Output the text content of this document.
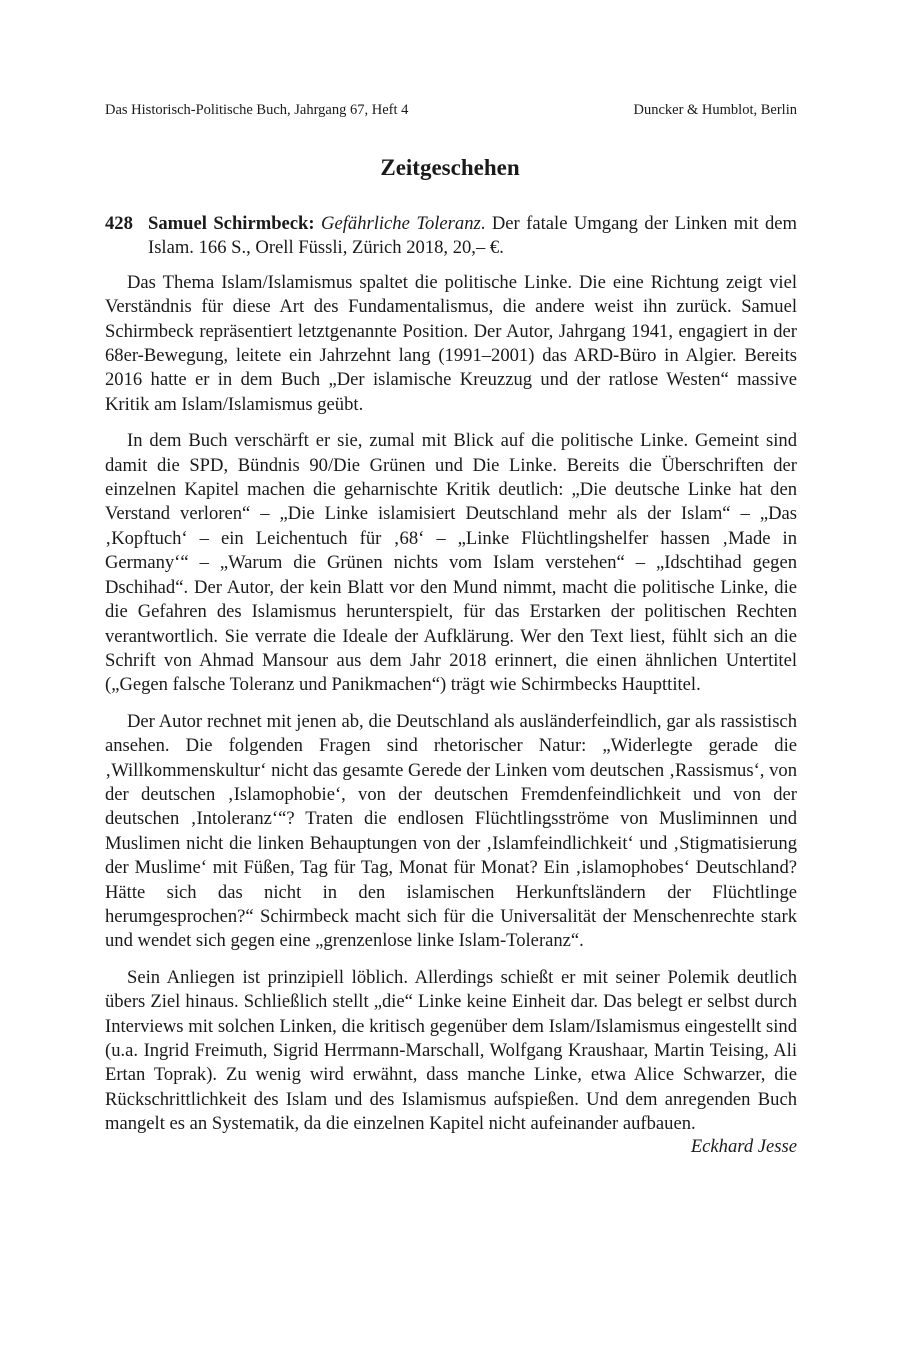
Das Historisch-Politische Buch, Jahrgang 67, Heft 4	Duncker & Humblot, Berlin
Zeitgeschehen

428 Samuel Schirmbeck: Gefährliche Toleranz. Der fatale Umgang der Linken mit dem Islam. 166 S., Orell Füssli, Zürich 2018, 20,– €.

Das Thema Islam/Islamismus spaltet die politische Linke. Die eine Richtung zeigt viel Verständnis für diese Art des Fundamentalismus, die andere weist ihn zurück. Samuel Schirmbeck repräsentiert letztgenannte Position. Der Autor, Jahrgang 1941, engagiert in der 68er-Bewegung, leitete ein Jahrzehnt lang (1991–2001) das ARD-Büro in Algier. Bereits 2016 hatte er in dem Buch „Der islamische Kreuzzug und der ratlose Westen“ massive Kritik am Islam/Islamismus geübt.

In dem Buch verschärft er sie, zumal mit Blick auf die politische Linke. Gemeint sind damit die SPD, Bündnis 90/Die Grünen und Die Linke. Bereits die Überschriften der einzelnen Kapitel machen die geharnischte Kritik deutlich: „Die deutsche Linke hat den Verstand verloren“ – „Die Linke islamisiert Deutschland mehr als der Islam“ – „Das ‚Kopftuch‘ – ein Leichentuch für ‚68‘ – „Linke Flüchtlingshelfer hassen ‚Made in Germany‘“ – „Warum die Grünen nichts vom Islam verstehen“ – „Idschtihad gegen Dschihad“. Der Autor, der kein Blatt vor den Mund nimmt, macht die politische Linke, die die Gefahren des Islamismus herunterspielt, für das Erstarken der politischen Rechten verantwortlich. Sie verrate die Ideale der Aufklärung. Wer den Text liest, fühlt sich an die Schrift von Ahmad Mansour aus dem Jahr 2018 erinnert, die einen ähnlichen Untertitel („Gegen falsche Toleranz und Panikmachen“) trägt wie Schirmbecks Haupttitel.

Der Autor rechnet mit jenen ab, die Deutschland als ausländerfeindlich, gar als rassistisch ansehen. Die folgenden Fragen sind rhetorischer Natur: „Widerlegte gerade die ‚Willkommenskultur‘ nicht das gesamte Gerede der Linken vom deutschen ‚Rassismus‘, von der deutschen ‚Islamophobie‘, von der deutschen Fremdenfeindlichkeit und von der deutschen ‚Intoleranz‘“? Traten die endlosen Flüchtlingsströme von Musliminnen und Muslimen nicht die linken Behauptungen von der ‚Islamfeindlichkeit‘ und ‚Stigmatisierung der Muslime‘ mit Füßen, Tag für Tag, Monat für Monat? Ein ‚islamophobes‘ Deutschland? Hätte sich das nicht in den islamischen Herkunftsländern der Flüchtlinge herumgesprochen?“ Schirmbeck macht sich für die Universalität der Menschenrechte stark und wendet sich gegen eine „grenzenlose linke Islam-Toleranz“.

Sein Anliegen ist prinzipiell löblich. Allerdings schießt er mit seiner Polemik deutlich übers Ziel hinaus. Schließlich stellt „die“ Linke keine Einheit dar. Das belegt er selbst durch Interviews mit solchen Linken, die kritisch gegenüber dem Islam/Islamismus eingestellt sind (u.a. Ingrid Freimuth, Sigrid Herrmann-Marschall, Wolfgang Kraushaar, Martin Teising, Ali Ertan Toprak). Zu wenig wird erwähnt, dass manche Linke, etwa Alice Schwarzer, die Rückschrittlichkeit des Islam und des Islamismus aufspießen. Und dem anregenden Buch mangelt es an Systematik, da die einzelnen Kapitel nicht aufeinander aufbauen.

Eckhard Jesse
